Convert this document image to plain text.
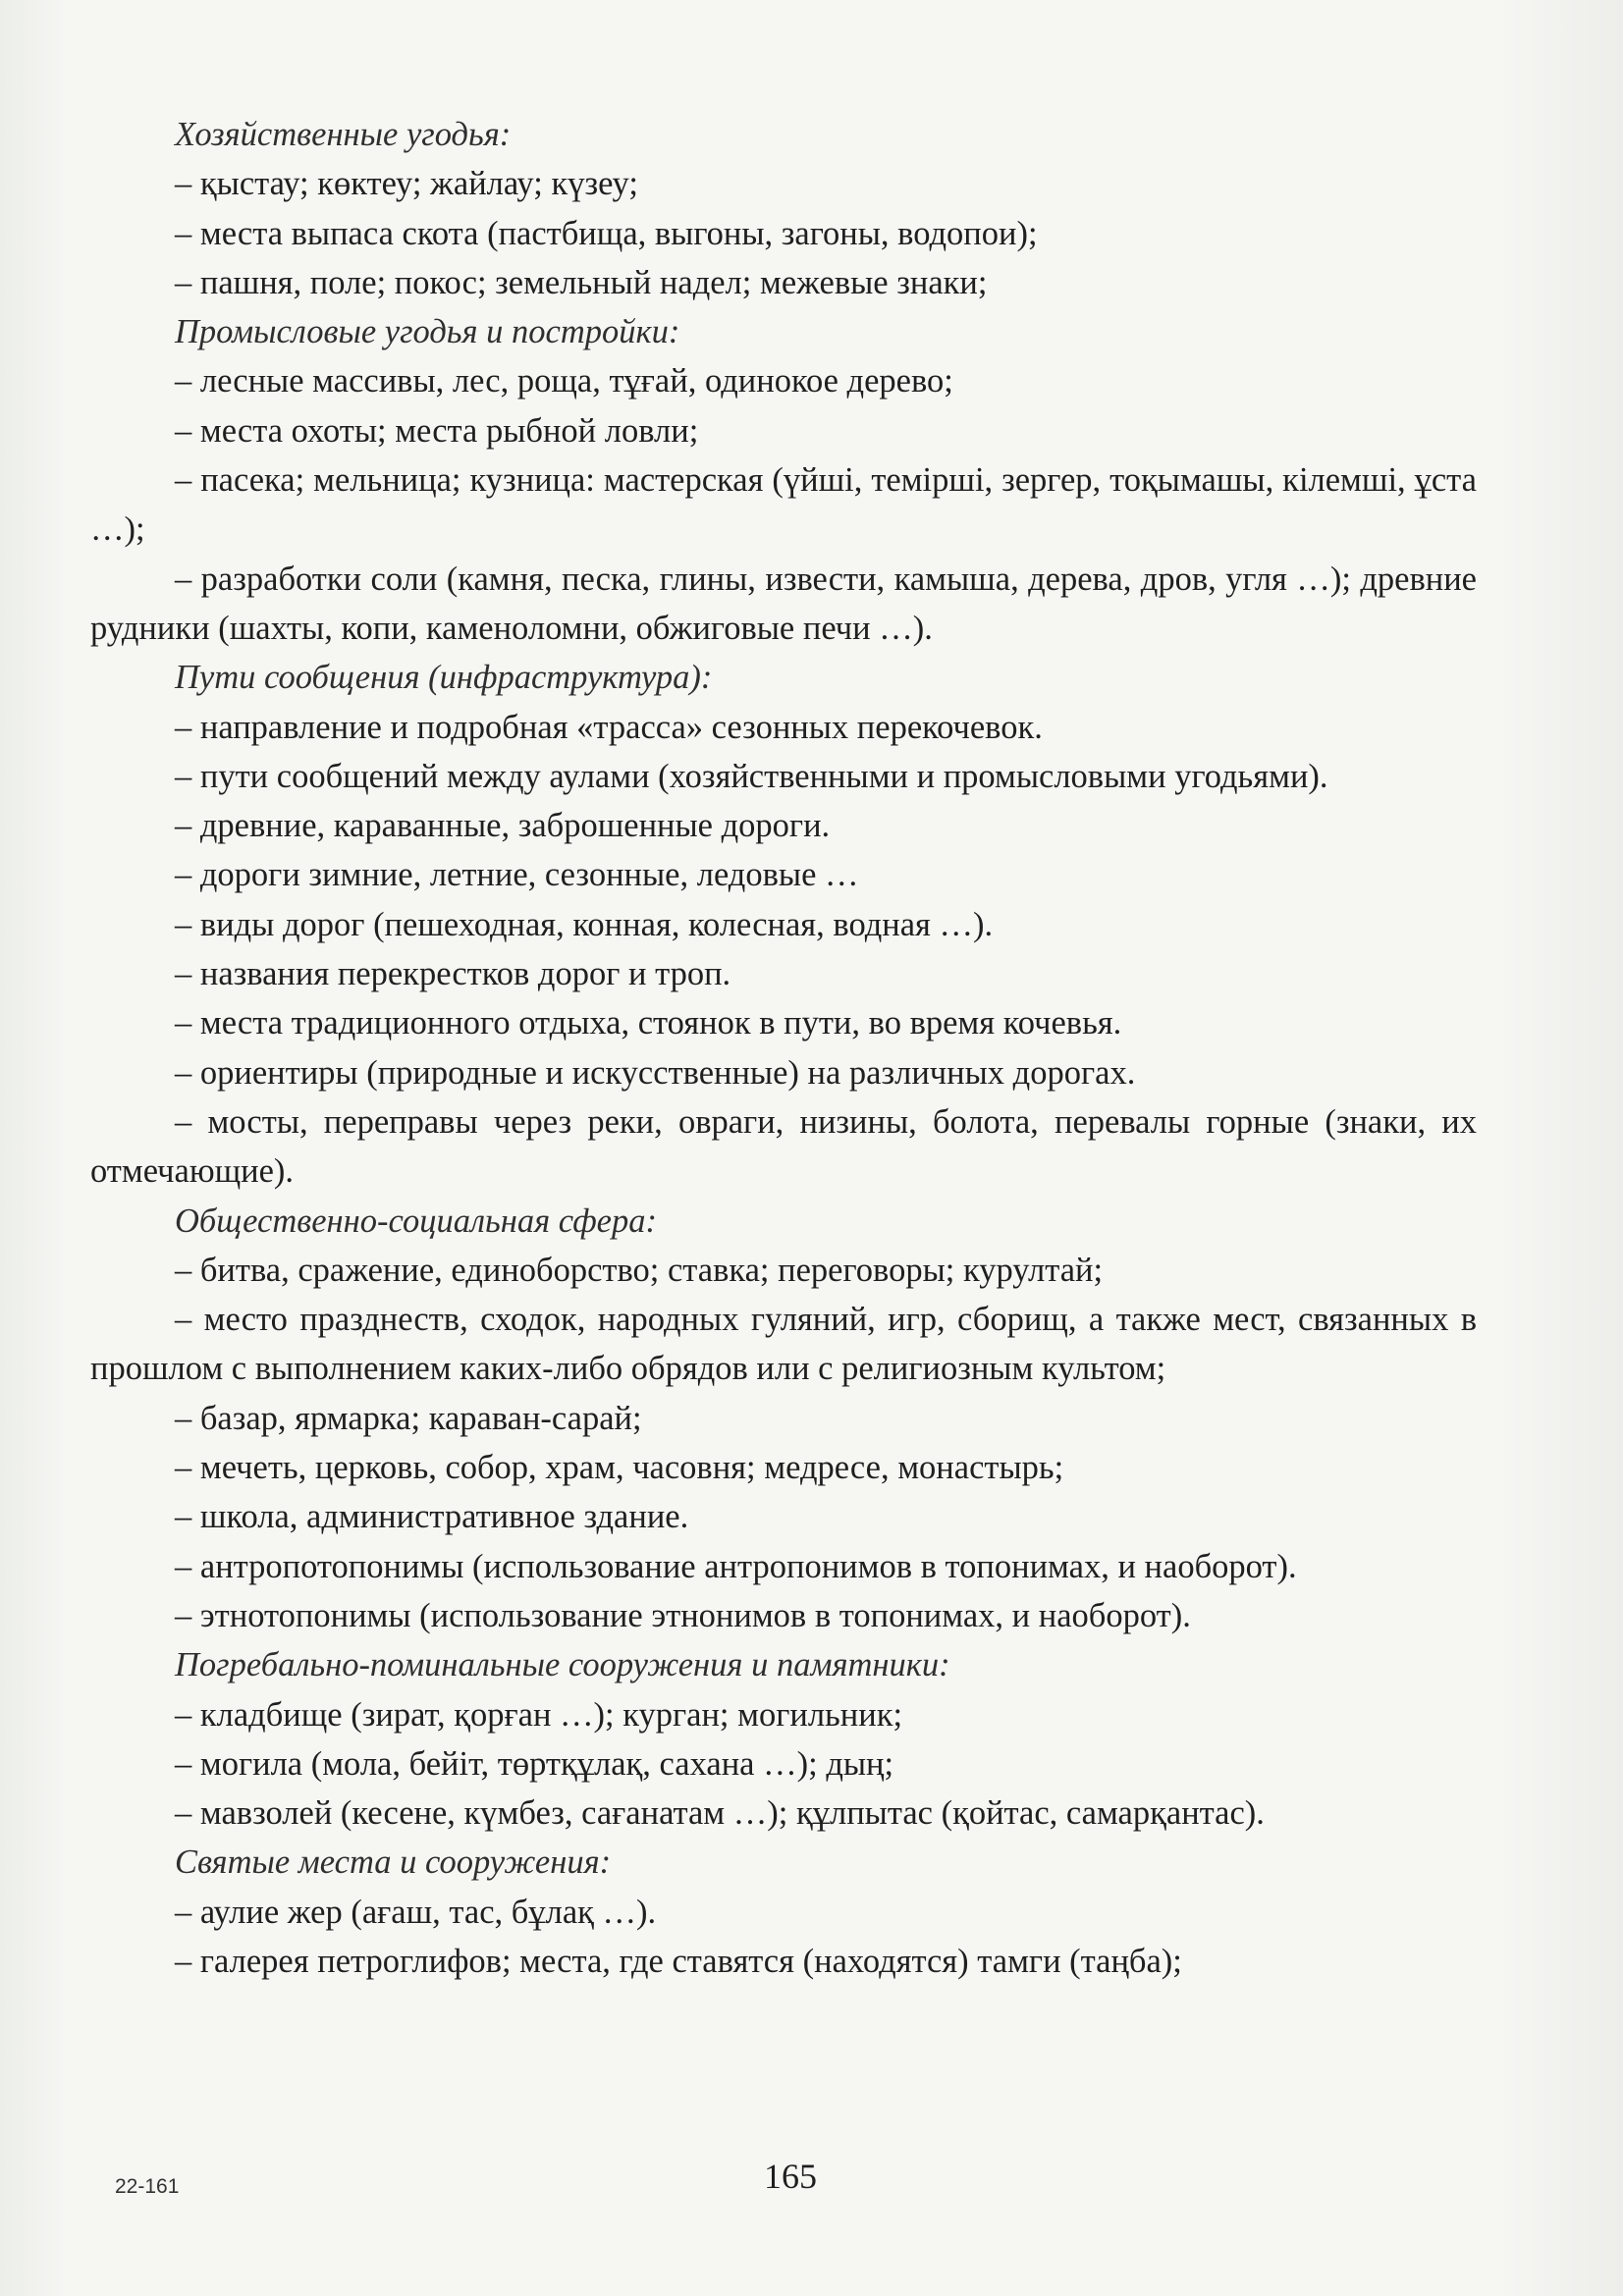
Хозяйственные угодья:

– қыстау; көктеу; жайлау; күзеу;

– места выпаса скота (пастбища, выгоны, загоны, водопои);

– пашня, поле; покос; земельный надел; межевые знаки;

Промысловые угодья и постройки:

– лесные массивы, лес, роща, тұғай, одинокое дерево;

– места охоты; места рыбной ловли;

– пасека; мельница; кузница: мастерская (үйші, темірші, зергер, тоқымашы, кілемші, ұста …);

– разработки соли (камня, песка, глины, извести, камыша, дерева, дров, угля …); древние рудники (шахты, копи, каменоломни, обжиговые печи …).

Пути сообщения (инфраструктура):

– направление и подробная «трасса» сезонных перекочевок.

– пути сообщений между аулами (хозяйственными и промысловыми угодьями).

– древние, караванные, заброшенные дороги.

– дороги зимние, летние, сезонные, ледовые …

– виды дорог (пешеходная, конная, колесная, водная …).

– названия перекрестков дорог и троп.

– места традиционного отдыха, стоянок в пути, во время кочевья.

– ориентиры (природные и искусственные) на различных дорогах.

– мосты, переправы через реки, овраги, низины, болота, перевалы горные (знаки, их отмечающие).

Общественно-социальная сфера:

– битва, сражение, единоборство; ставка; переговоры; курултай;

– место празднеств, сходок, народных гуляний, игр, сборищ, а также мест, связанных в прошлом с выполнением каких-либо обрядов или с религиозным культом;

– базар, ярмарка; караван-сарай;

– мечеть, церковь, собор, храм, часовня; медресе, монастырь;

– школа, административное здание.

– антропотопонимы (использование антропонимов в топонимах, и наоборот).

– этнотопонимы (использование этнонимов в топонимах, и наоборот).

Погребально-поминальные сооружения и памятники:

– кладбище (зират, қорған …); курган; могильник;

– могила (мола, бейіт, төртқұлақ, сахана …); дың;

– мавзолей (кесене, күмбез, сағанатам …); құлпытас (қойтас, самарқантас).

Святые места и сооружения:

– аулие жер (ағаш, тас, бұлақ …).

– галерея петроглифов; места, где ставятся (находятся) тамги (таңба);

22-161	165
